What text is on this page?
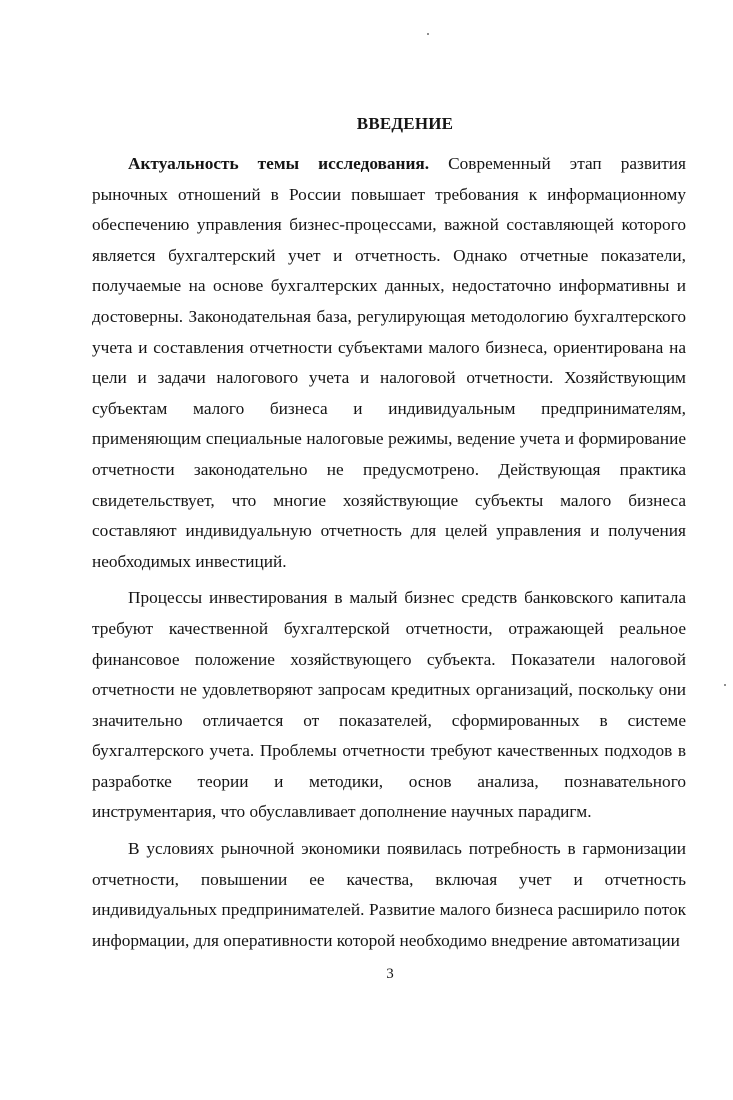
ВВЕДЕНИЕ

Актуальность темы исследования. Современный этап развития рыночных отношений в России повышает требования к информационному обеспечению управления бизнес-процессами, важной составляющей которого является бухгалтерский учет и отчетность. Однако отчетные показатели, получаемые на основе бухгалтерских данных, недостаточно информативны и достоверны. Законодательная база, регулирующая методологию бухгалтерского учета и составления отчетности субъектами малого бизнеса, ориентирована на цели и задачи налогового учета и налоговой отчетности. Хозяйствующим субъектам малого бизнеса и индивидуальным предпринимателям, применяющим специальные налоговые режимы, ведение учета и формирование отчетности законодательно не предусмотрено. Действующая практика свидетельствует, что многие хозяйствующие субъекты малого бизнеса составляют индивидуальную отчетность для целей управления и получения необходимых инвестиций.

Процессы инвестирования в малый бизнес средств банковского капитала требуют качественной бухгалтерской отчетности, отражающей реальное финансовое положение хозяйствующего субъекта. Показатели налоговой отчетности не удовлетворяют запросам кредитных организаций, поскольку они значительно отличается от показателей, сформированных в системе бухгалтерского учета. Проблемы отчетности требуют качественных подходов в разработке теории и методики, основ анализа, познавательного инструментария, что обуславливает дополнение научных парадигм.

В условиях рыночной экономики появилась потребность в гармонизации отчетности, повышении ее качества, включая учет и отчетность индивидуальных предпринимателей. Развитие малого бизнеса расширило поток информации, для оперативности которой необходимо внедрение автоматизации

3
